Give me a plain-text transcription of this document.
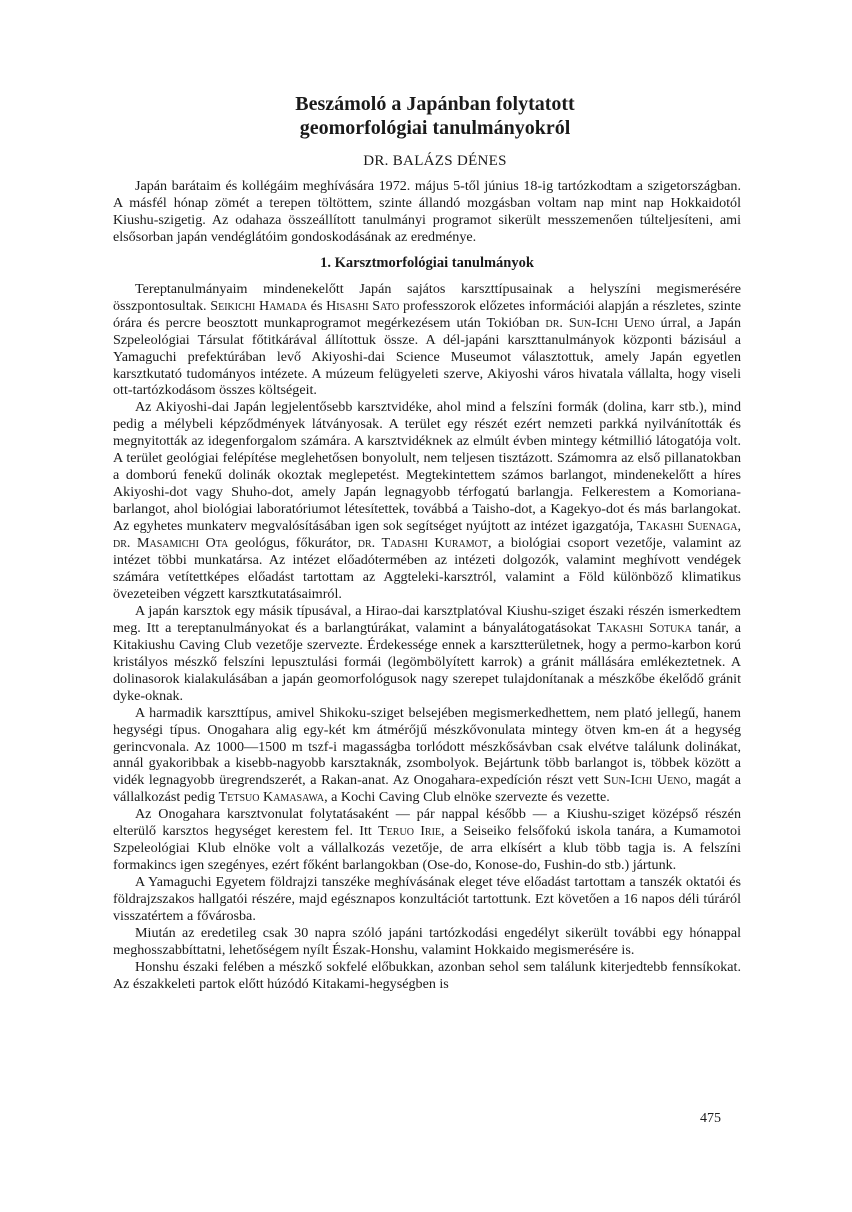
Beszámoló a Japánban folytatott
geomorfológiai tanulmányokról
DR. BALÁZS DÉNES

Japán barátaim és kollégáim meghívására 1972. május 5-től június 18-ig tartózkodtam a szigetországban. A másfél hónap zömét a terepen töltöttem, szinte állandó mozgásban voltam nap mint nap Hokkaidotól Kiushu-szigetig. Az odahaza összeállított tanulmányi programot sikerült messzemenően túlteljesíteni, ami elsősorban japán vendéglátóim gondoskodásának az eredménye.

1. Karsztmorfológiai tanulmányok

Tereptanulmányaim mindenekelőtt Japán sajátos karszttípusainak a helyszíni megismerésére összpontosultak. Seikichi Hamada és Hisashi Sato professzorok előzetes információi alapján a részletes, szinte órára és percre beosztott munkaprogramot megérkezésem után Tokióban dr. Sun-Ichi Ueno úrral, a Japán Szpeleológiai Társulat főtitkárával állítottuk össze. A dél-japáni karszttanulmányok központi bázisául a Yamaguchi prefektúrában levő Akiyoshi-dai Science Museumot választottuk, amely Japán egyetlen karsztkutató tudományos intézete. A múzeum felügyeleti szerve, Akiyoshi város hivatala vállalta, hogy viseli ott-tartózkodásom összes költségeit.

Az Akiyoshi-dai Japán legjelentősebb karsztvidéke, ahol mind a felszíni formák (dolina, karr stb.), mind pedig a mélybeli képződmények látványosak. A terület egy részét ezért nemzeti parkká nyilvánították és megnyitották az idegenforgalom számára. A karsztvidéknek az elmúlt évben mintegy kétmillió látogatója volt. A terület geológiai felépítése meglehetősen bonyolult, nem teljesen tisztázott. Számomra az első pillanatokban a domború fenekű dolinák okoztak meglepetést. Megtekintettem számos barlangot, mindenekelőtt a híres Akiyoshi-dot vagy Shuho-dot, amely Japán legnagyobb térfogatú barlangja. Felkerestem a Komoriana-barlangot, ahol biológiai laboratóriumot létesítettek, továbbá a Taisho-dot, a Kagekyo-dot és más barlangokat. Az egyhetes munkaterv megvalósításában igen sok segítséget nyújtott az intézet igazgatója, Takashi Suenaga, dr. Masamichi Ota geológus, főkurátor, dr. Tadashi Kuramot, a biológiai csoport vezetője, valamint az intézet többi munkatársa. Az intézet előadótermében az intézeti dolgozók, valamint meghívott vendégek számára vetítettképes előadást tartottam az Aggteleki-karsztról, valamint a Föld különböző klimatikus övezeteiben végzett karsztkutatásaimról.

A japán karsztok egy másik típusával, a Hirao-dai karsztplatóval Kiushu-sziget északi részén ismerkedtem meg. Itt a tereptanulmányokat és a barlangtúrákat, valamint a bányalátogatásokat Takashi Sotuka tanár, a Kitakiushu Caving Club vezetője szervezte. Érdekessége ennek a karsztterületnek, hogy a permo-karbon korú kristályos mészkő felszíni lepusztulási formái (legömbölyített karrok) a gránit mállására emlékeztetnek. A dolinasorok kialakulásában a japán geomorfológusok nagy szerepet tulajdonítanak a mészkőbe ékelődő gránit dyke-oknak.

A harmadik karszttípus, amivel Shikoku-sziget belsejében megismerkedhettem, nem plató jellegű, hanem hegységi típus. Onogahara alig egy-két km átmérőjű mészkővonulata mintegy ötven km-en át a hegység gerincvonala. Az 1000—1500 m tszf-i magasságba torlódott mészkősávban csak elvétve találunk dolinákat, annál gyakoribbak a kisebb-nagyobb karsztaknák, zsombolyok. Bejártunk több barlangot is, többek között a vidék legnagyobb üregrendszerét, a Rakan-anat. Az Onogahara-expedíción részt vett Sun-Ichi Ueno, magát a vállalkozást pedig Tetsuo Kamasawa, a Kochi Caving Club elnöke szervezte és vezette.

Az Onogahara karsztvonulat folytatásaként — pár nappal később — a Kiushu-sziget középső részén elterülő karsztos hegységet kerestem fel. Itt Teruo Irie, a Seiseiko felsőfokú iskola tanára, a Kumamotoi Szpeleológiai Klub elnöke volt a vállalkozás vezetője, de arra elkísért a klub több tagja is. A felszíni formakincs igen szegényes, ezért főként barlangokban (Ose-do, Konose-do, Fushin-do stb.) jártunk.

A Yamaguchi Egyetem földrajzi tanszéke meghívásának eleget téve előadást tartottam a tanszék oktatói és földrajzszakos hallgatói részére, majd egésznapos konzultációt tartottunk. Ezt követően a 16 napos déli túráról visszatértem a fővárosba.

Miután az eredetileg csak 30 napra szóló japáni tartózkodási engedélyt sikerült további egy hónappal meghosszabbíttatni, lehetőségem nyílt Észak-Honshu, valamint Hokkaido megismerésére is.

Honshu északi felében a mészkő sokfelé előbukkan, azonban sehol sem találunk kiterjedtebb fennsíkokat. Az északkeleti partok előtt húzódó Kitakami-hegységben is

475
